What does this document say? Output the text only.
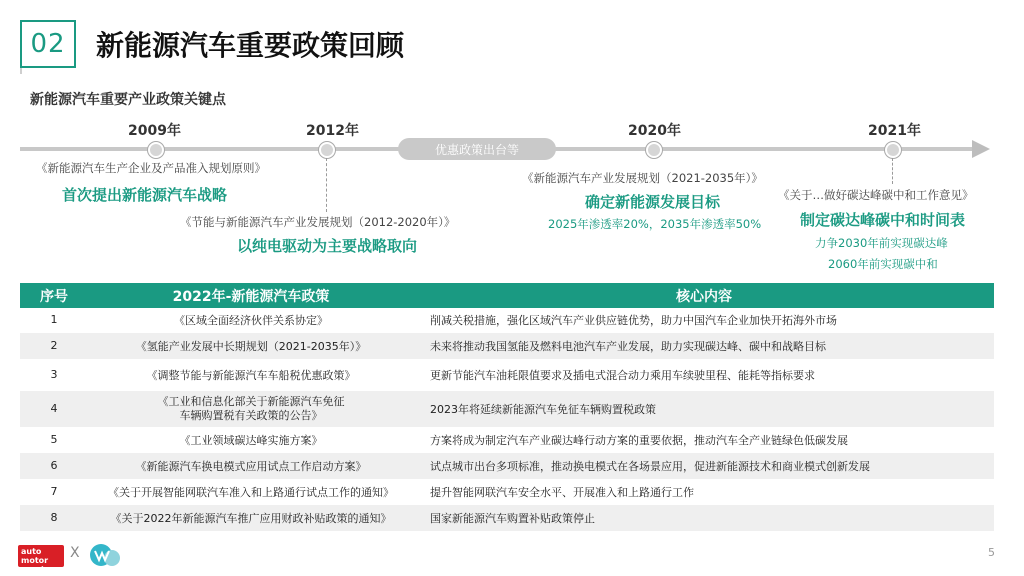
02 新能源汽车重要政策回顾
新能源汽车重要产业政策关键点
2009年	2012年	2020年	2021年
优惠政策出台等
《新能源汽车生产企业及产品准入规划原则》
首次提出新能源汽车战略
《节能与新能源汽车产业发展规划（2012-2020年）》
以纯电驱动为主要战略取向
《新能源汽车产业发展规划（2021-2035年）》
确定新能源发展目标
2025年渗透率20%，2035年渗透率50%
《关于…做好碳达峰碳中和工作意见》
制定碳达峰碳中和时间表
力争2030年前实现碳达峰
2060年前实现碳中和
序号	2022年-新能源汽车政策	核心内容
1	《区域全面经济伙伴关系协定》	削减关税措施，强化区域汽车产业供应链优势，助力中国汽车企业加快开拓海外市场
2	《氢能产业发展中长期规划（2021-2035年）》	未来将推动我国氢能及燃料电池汽车产业发展，助力实现碳达峰、碳中和战略目标
3	《调整节能与新能源汽车车船税优惠政策》	更新节能汽车油耗限值要求及插电式混合动力乘用车续驶里程、能耗等指标要求
4	《工业和信息化部关于新能源汽车免征
车辆购置税有关政策的公告》	2023年将延续新能源汽车免征车辆购置税政策
5	《工业领域碳达峰实施方案》	方案将成为制定汽车产业碳达峰行动方案的重要依据，推动汽车全产业链绿色低碳发展
6	《新能源汽车换电模式应用试点工作启动方案》	试点城市出台多项标准，推动换电模式在各场景应用，促进新能源技术和商业模式创新发展
7	《关于开展智能网联汽车准入和上路通行试点工作的通知》	提升智能网联汽车安全水平、开展准入和上路通行工作
8	《关于2022年新能源汽车推广应用财政补贴政策的通知》	国家新能源汽车购置补贴政策停止
auto motor sport
X	5
